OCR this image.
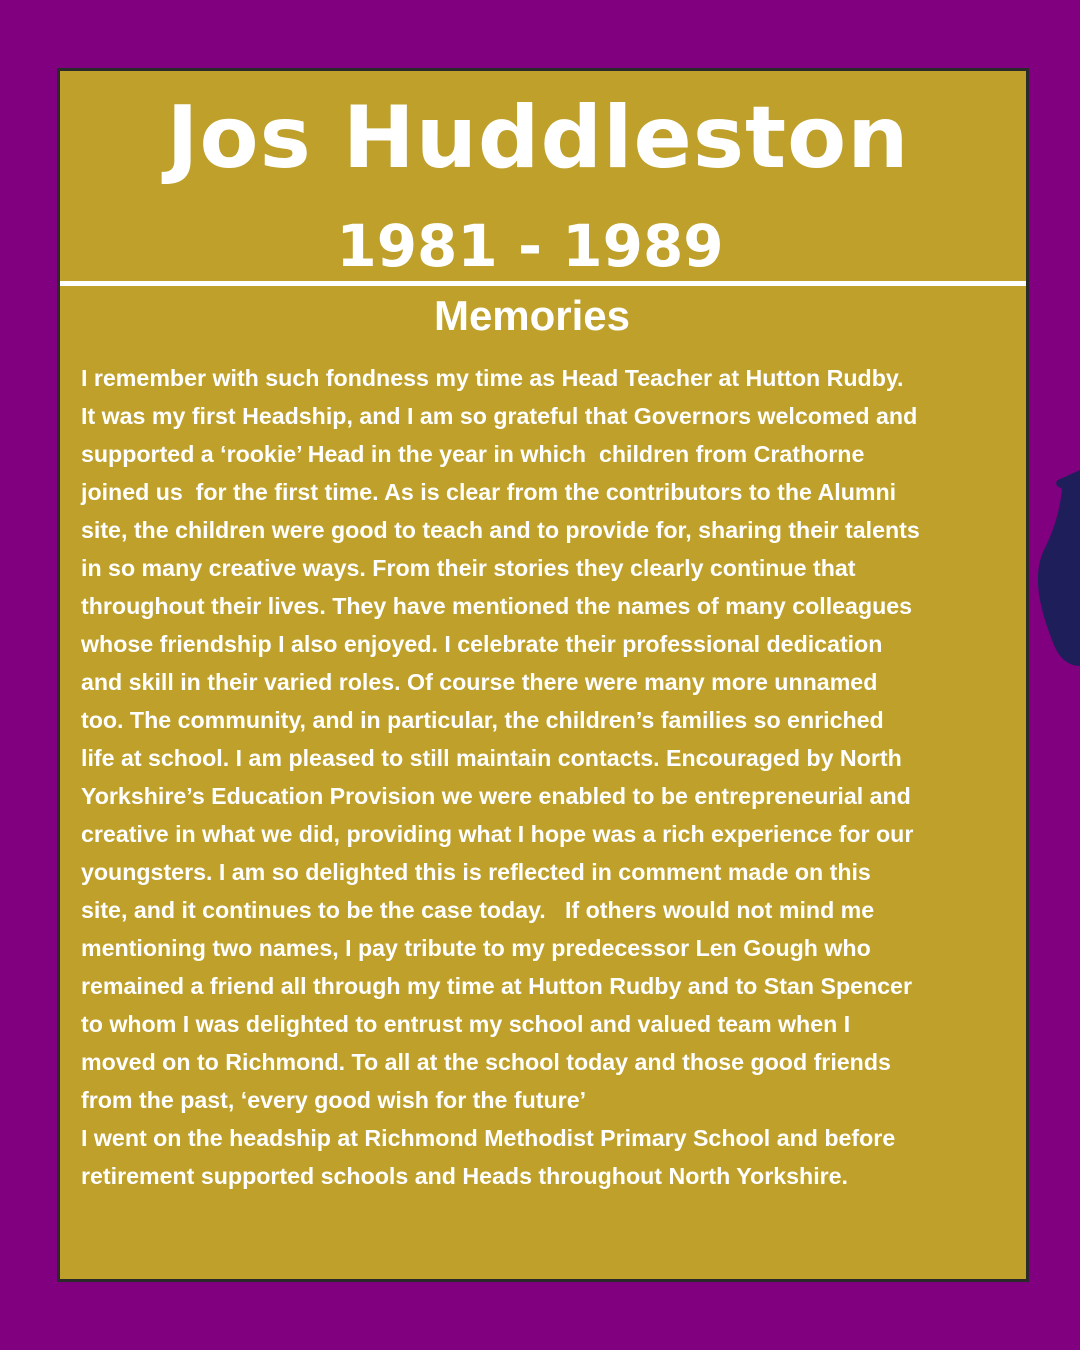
Jos Huddleston
1981 - 1989
Memories
I remember with such fondness my time as Head Teacher at Hutton Rudby.
It was my first Headship, and I am so grateful that Governors welcomed and
supported a ‘rookie’ Head in the year in which  children from Crathorne
joined us  for the first time. As is clear from the contributors to the Alumni
site, the children were good to teach and to provide for, sharing their talents
in so many creative ways. From their stories they clearly continue that
throughout their lives. They have mentioned the names of many colleagues
whose friendship I also enjoyed. I celebrate their professional dedication
and skill in their varied roles. Of course there were many more unnamed
too. The community, and in particular, the children’s families so enriched
life at school. I am pleased to still maintain contacts. Encouraged by North
Yorkshire’s Education Provision we were enabled to be entrepreneurial and
creative in what we did, providing what I hope was a rich experience for our
youngsters. I am so delighted this is reflected in comment made on this
site, and it continues to be the case today.   If others would not mind me
mentioning two names, I pay tribute to my predecessor Len Gough who
remained a friend all through my time at Hutton Rudby and to Stan Spencer
to whom I was delighted to entrust my school and valued team when I
moved on to Richmond. To all at the school today and those good friends
from the past, ‘every good wish for the future’
I went on the headship at Richmond Methodist Primary School and before
retirement supported schools and Heads throughout North Yorkshire.
